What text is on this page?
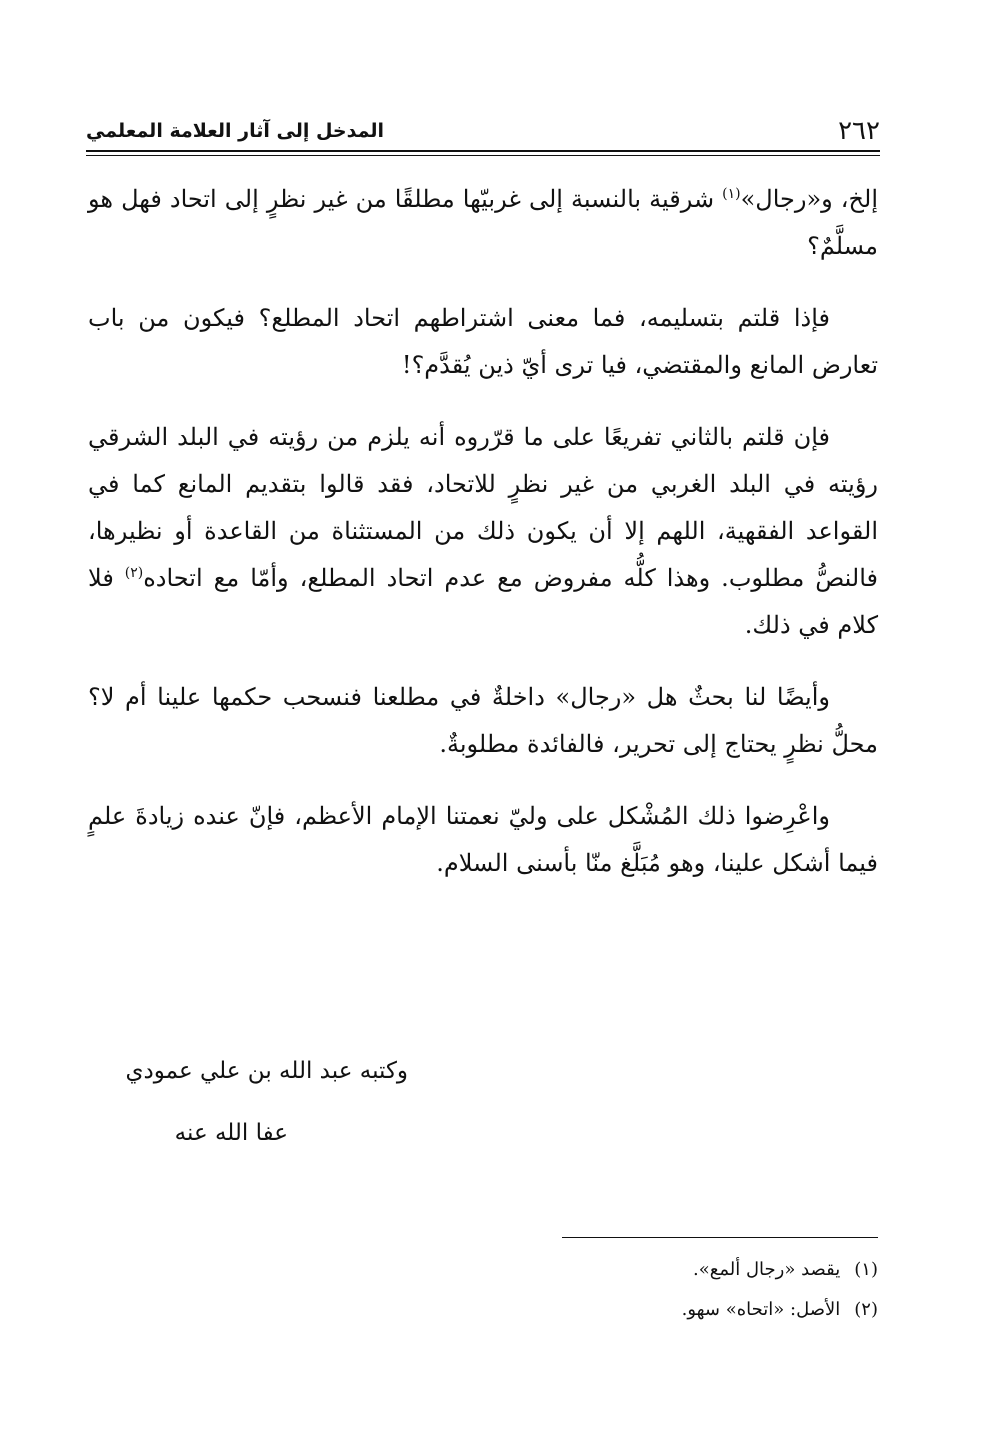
المدخل إلى آثار العلامة المعلمي	٢٦٢

إلخ، و«رجال»$^{(١)}$ شرقية بالنسبة إلى غربيّها مطلقًا من غير نظرٍ إلى اتحاد فهل هو مسلَّمٌ؟

فإذا قلتم بتسليمه، فما معنى اشتراطهم اتحاد المطلع؟ فيكون من باب تعارض المانع والمقتضي، فيا ترى أيّ ذين يُقدَّم؟!

فإن قلتم بالثاني تفريعًا على ما قرّروه أنه يلزم من رؤيته في البلد الشرقي رؤيته في البلد الغربي من غير نظرٍ للاتحاد، فقد قالوا بتقديم المانع كما في القواعد الفقهية، اللهم إلا أن يكون ذلك من المستثناة من القاعدة أو نظيرها، فالنصُّ مطلوب. وهذا كلُّه مفروض مع عدم اتحاد المطلع، وأمّا مع اتحاده$^{(٢)}$ فلا كلام في ذلك.

وأيضًا لنا بحثٌ هل «رجال» داخلةٌ في مطلعنا فنسحب حكمها علينا أم لا؟ محلُّ نظرٍ يحتاج إلى تحرير، فالفائدة مطلوبةٌ.

واعْرِضوا ذلك المُشْكل على وليّ نعمتنا الإمام الأعظم، فإنّ عنده زيادةَ علمٍ فيما أشكل علينا، وهو مُبَلَّغ منّا بأسنى السلام.

وكتبه عبد الله بن علي عمودي
عفا الله عنه
(١)يقصد «رجال ألمع».
(٢)الأصل: «اتحاه» سهو.
